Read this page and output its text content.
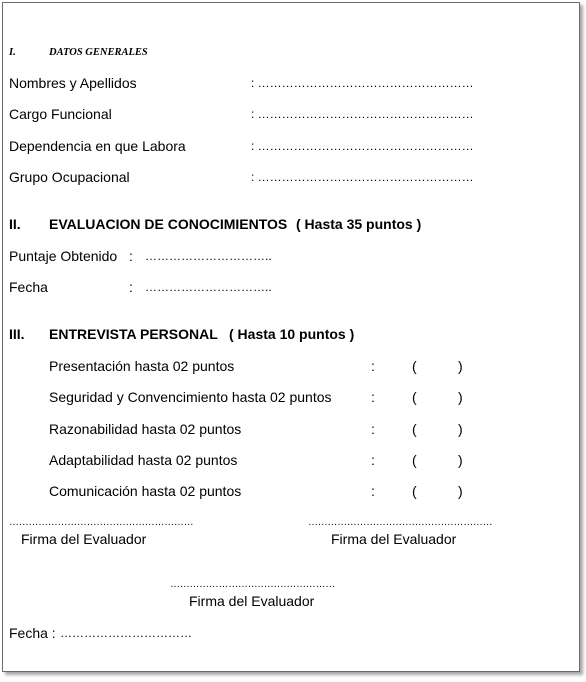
I.	DATOS GENERALES
Nombres y Apellidos	: ………………………………………………
Cargo Funcional	: ………………………………………………
Dependencia en que Labora	: ………………………………………………
Grupo Ocupacional	: ………………………………………………
II. EVALUACION DE CONOCIMIENTOS ( Hasta 35 puntos )
Puntaje Obtenido : …………………………..
Fecha	: …………………………..
III. ENTREVISTA PERSONAL ( Hasta 10 puntos )
Presentación hasta 02 puntos	:	(	)
Seguridad y Convencimiento hasta 02 puntos	:	(	)
Razonabilidad hasta 02 puntos	:	(	)
Adaptabilidad hasta 02 puntos	:	(	)
Comunicación hasta 02 puntos	:	(	)
…………………………………………………
Firma del Evaluador
…………………………………………………
Firma del Evaluador
……………………………………………
Firma del Evaluador
Fecha : ……………………………
